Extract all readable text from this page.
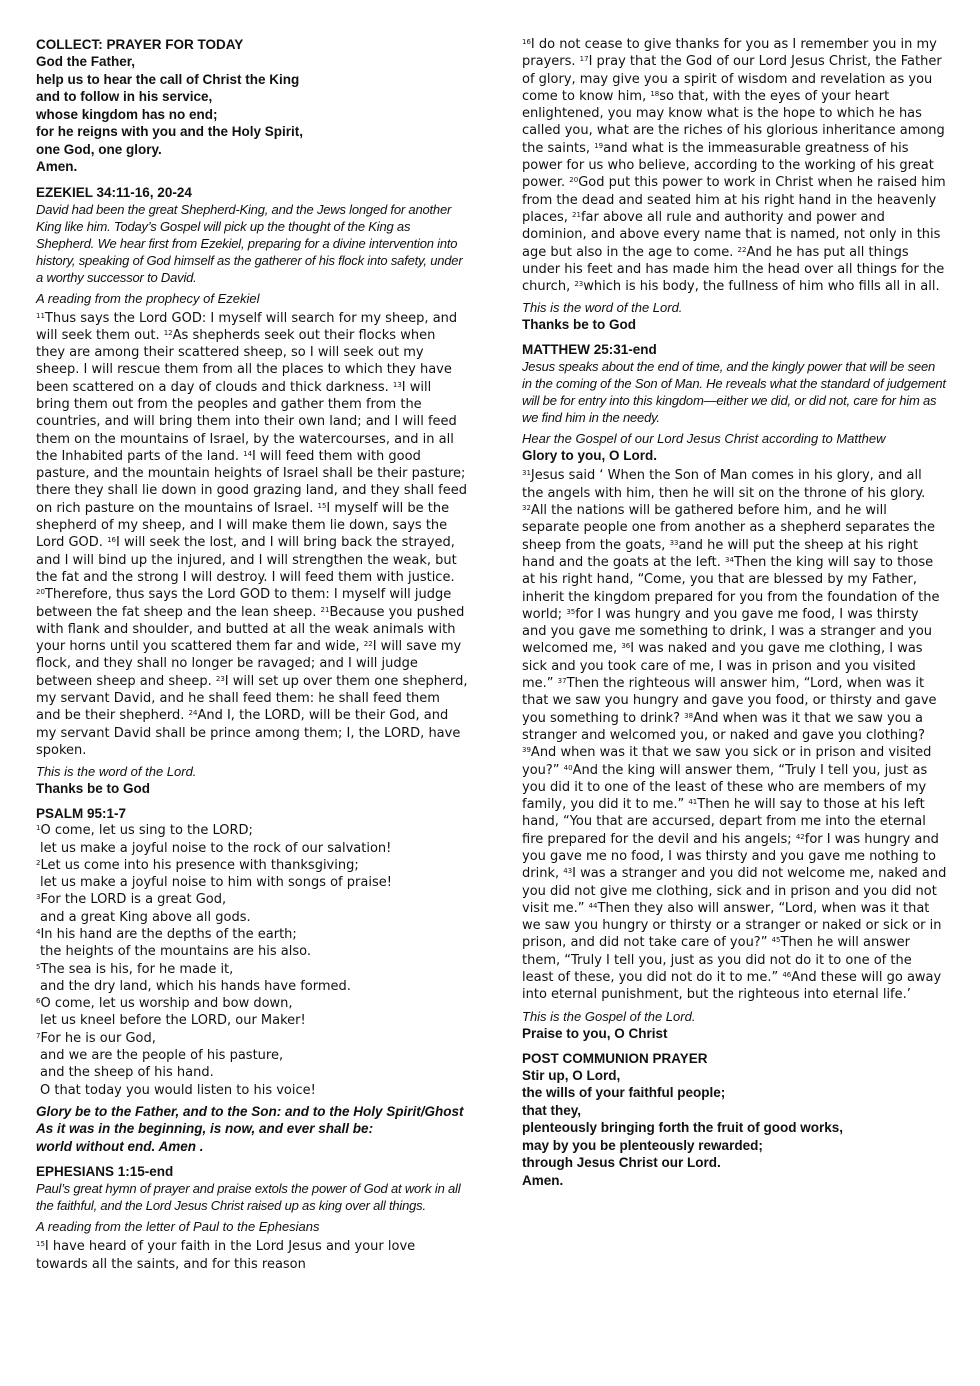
COLLECT: PRAYER FOR TODAY
God the Father,
help us to hear the call of Christ the King
and to follow in his service,
whose kingdom has no end;
for he reigns with you and the Holy Spirit,
one God, one glory.
Amen.
EZEKIEL 34:11-16, 20-24
David had been the great Shepherd-King, and the Jews longed for another King like him. Today’s Gospel will pick up the thought of the King as Shepherd. We hear first from Ezekiel, preparing for a divine intervention into history, speaking of God himself as the gatherer of his flock into safety, under a worthy successor to David.
A reading from the prophecy of Ezekiel
$^{11}$Thus says the Lord GOD: I myself will search for my sheep, and will seek them out. $^{12}$As shepherds seek out their flocks when they are among their scattered sheep, so I will seek out my sheep. I will rescue them from all the places to which they have been scattered on a day of clouds and thick darkness. $^{13}$I will bring them out from the peoples and gather them from the countries, and will bring them into their own land; and I will feed them on the mountains of Israel, by the watercourses, and in all the Inhabited parts of the land. $^{14}$I will feed them with good pasture, and the mountain heights of Israel shall be their pasture; there they shall lie down in good grazing land, and they shall feed on rich pasture on the mountains of Israel. $^{15}$I myself will be the shepherd of my sheep, and I will make them lie down, says the Lord GOD. $^{16}$I will seek the lost, and I will bring back the strayed, and I will bind up the injured, and I will strengthen the weak, but the fat and the strong I will destroy. I will feed them with justice. $^{20}$Therefore, thus says the Lord GOD to them: I myself will judge between the fat sheep and the lean sheep. $^{21}$Because you pushed with flank and shoulder, and butted at all the weak animals with your horns until you scattered them far and wide, $^{22}$I will save my flock, and they shall no longer be ravaged; and I will judge between sheep and sheep. $^{23}$I will set up over them one shepherd, my servant David, and he shall feed them: he shall feed them and be their shepherd. $^{24}$And I, the LORD, will be their God, and my servant David shall be prince among them; I, the LORD, have spoken.
This is the word of the Lord.
Thanks be to God
PSALM 95:1-7
$^1$O come, let us sing to the LORD;
let us make a joyful noise to the rock of our salvation!
$^2$Let us come into his presence with thanksgiving;
let us make a joyful noise to him with songs of praise!
$^3$For the LORD is a great God,
and a great King above all gods.
$^4$In his hand are the depths of the earth;
the heights of the mountains are his also.
$^5$The sea is his, for he made it,
and the dry land, which his hands have formed.
$^6$O come, let us worship and bow down,
let us kneel before the LORD, our Maker!
$^7$For he is our God,
and we are the people of his pasture,
and the sheep of his hand.
O that today you would listen to his voice!
Glory be to the Father, and to the Son: and to the Holy Spirit/Ghost
As it was in the beginning, is now, and ever shall be:
world without end. Amen .
EPHESIANS 1:15-end
Paul’s great hymn of prayer and praise extols the power of God at work in all the faithful, and the Lord Jesus Christ raised up as king over all things.
A reading from the letter of Paul to the Ephesians
$^{15}$I have heard of your faith in the Lord Jesus and your love towards all the saints, and for this reason
$^{16}$I do not cease to give thanks for you as I remember you in my prayers. $^{17}$I pray that the God of our Lord Jesus Christ, the Father of glory, may give you a spirit of wisdom and revelation as you come to know him, $^{18}$so that, with the eyes of your heart enlightened, you may know what is the hope to which he has called you, what are the riches of his glorious inheritance among the saints, $^{19}$and what is the immeasurable greatness of his power for us who believe, according to the working of his great power. $^{20}$God put this power to work in Christ when he raised him from the dead and seated him at his right hand in the heavenly places, $^{21}$far above all rule and authority and power and dominion, and above every name that is named, not only in this age but also in the age to come. $^{22}$And he has put all things under his feet and has made him the head over all things for the church, $^{23}$which is his body, the fullness of him who fills all in all.
This is the word of the Lord.
Thanks be to God
MATTHEW 25:31-end
Jesus speaks about the end of time, and the kingly power that will be seen in the coming of the Son of Man. He reveals what the standard of judgement will be for entry into this kingdom—either we did, or did not, care for him as we find him in the needy.
Hear the Gospel of our Lord Jesus Christ according to Matthew
Glory to you, O Lord.
$^{31}$Jesus said ‘ When the Son of Man comes in his glory, and all the angels with him, then he will sit on the throne of his glory. $^{32}$All the nations will be gathered before him, and he will separate people one from another as a shepherd separates the sheep from the goats, $^{33}$and he will put the sheep at his right hand and the goats at the left. $^{34}$Then the king will say to those at his right hand, “Come, you that are blessed by my Father, inherit the kingdom prepared for you from the foundation of the world; $^{35}$for I was hungry and you gave me food, I was thirsty and you gave me something to drink, I was a stranger and you welcomed me, $^{36}$I was naked and you gave me clothing, I was sick and you took care of me, I was in prison and you visited me.” $^{37}$Then the righteous will answer him, “Lord, when was it that we saw you hungry and gave you food, or thirsty and gave you something to drink? $^{38}$And when was it that we saw you a stranger and welcomed you, or naked and gave you clothing? $^{39}$And when was it that we saw you sick or in prison and visited you?” $^{40}$And the king will answer them, “Truly I tell you, just as you did it to one of the least of these who are members of my family, you did it to me.” $^{41}$Then he will say to those at his left hand, “You that are accursed, depart from me into the eternal fire prepared for the devil and his angels; $^{42}$for I was hungry and you gave me no food, I was thirsty and you gave me nothing to drink, $^{43}$I was a stranger and you did not welcome me, naked and you did not give me clothing, sick and in prison and you did not visit me.” $^{44}$Then they also will answer, “Lord, when was it that we saw you hungry or thirsty or a stranger or naked or sick or in prison, and did not take care of you?” $^{45}$Then he will answer them, “Truly I tell you, just as you did not do it to one of the least of these, you did not do it to me.” $^{46}$And these will go away into eternal punishment, but the righteous into eternal life.’
This is the Gospel of the Lord.
Praise to you, O Christ
POST COMMUNION PRAYER
Stir up, O Lord,
the wills of your faithful people;
that they,
plenteously bringing forth the fruit of good works,
may by you be plenteously rewarded;
through Jesus Christ our Lord.
Amen.
